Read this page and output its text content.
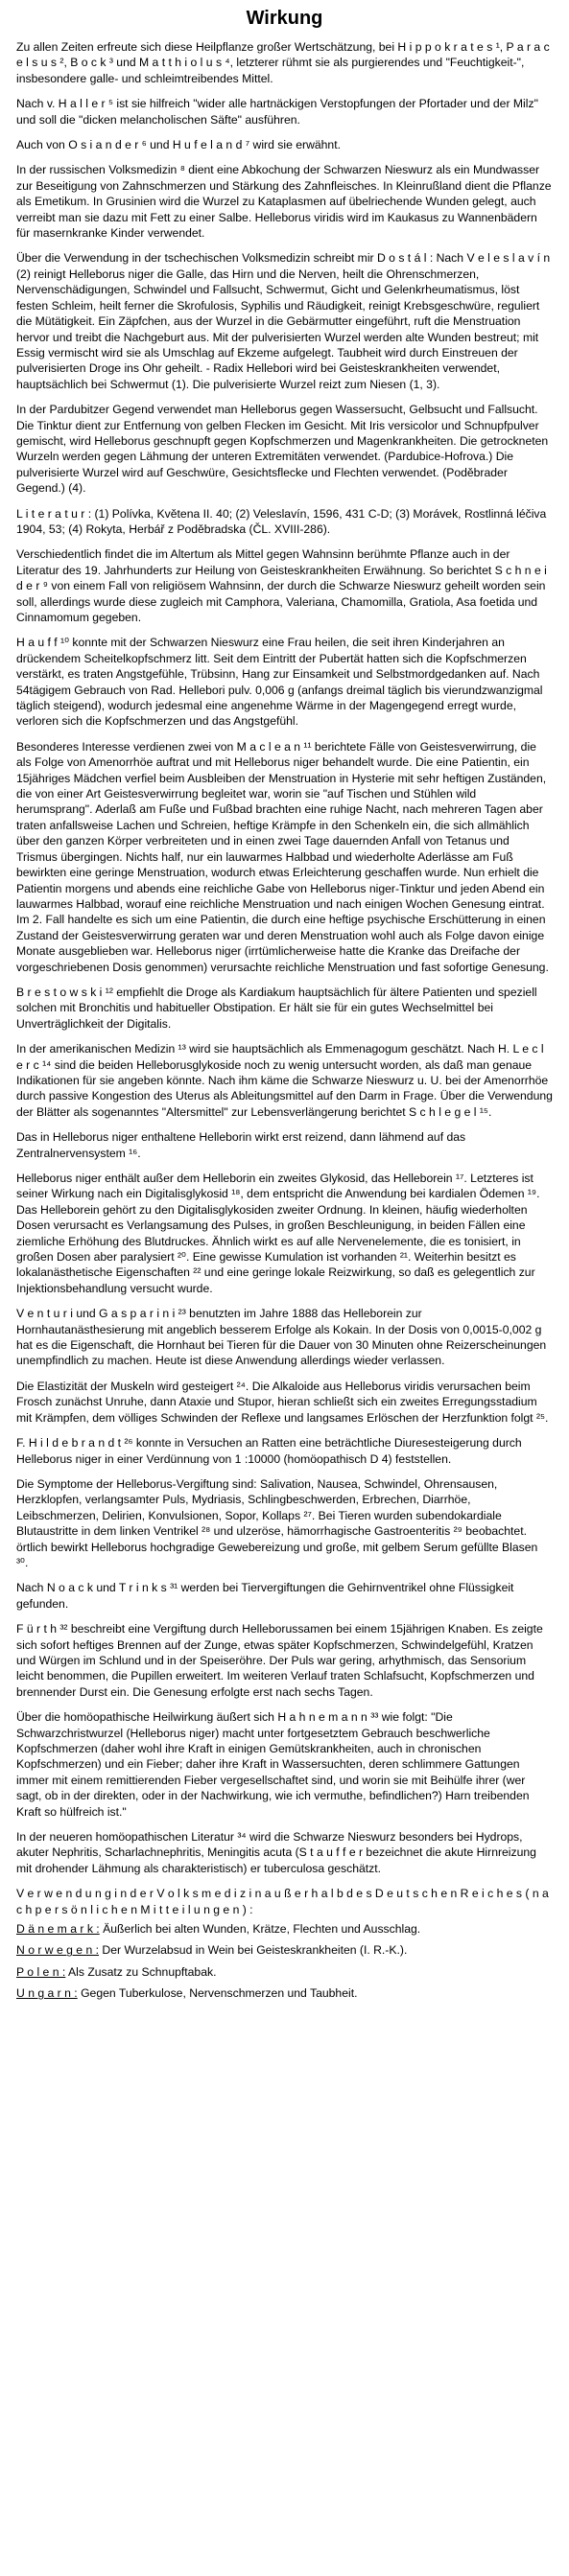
Wirkung

Zu allen Zeiten erfreute sich diese Heilpflanze großer Wertschätzung, bei H i p p o k r a t e s ¹, P a r a c e l s u s ², B o c k ³ und M a t t h i o l u s ⁴, letzterer rühmt sie als purgierendes und "Feuchtigkeit-", insbesondere galle- und schleimtreibendes Mittel.

Nach v. H a l l e r ⁵ ist sie hilfreich "wider alle hartnäckigen Verstopfungen der Pfortader und der Milz" und soll die "dicken melancholischen Säfte" ausführen.

Auch von O s i a n d e r ⁶ und H u f e l a n d ⁷ wird sie erwähnt.

In der russischen Volksmedizin ⁸ dient eine Abkochung der Schwarzen Nieswurz als ein Mundwasser zur Beseitigung von Zahnschmerzen und Stärkung des Zahnfleisches. In Kleinrußland dient die Pflanze als Emetikum. In Grusinien wird die Wurzel zu Kataplasmen auf übelriechende Wunden gelegt, auch verreibt man sie dazu mit Fett zu einer Salbe. Helleborus viridis wird im Kaukasus zu Wannenbädern für masernkranke Kinder verwendet.

Über die Verwendung in der tschechischen Volksmedizin schreibt mir D o s t á l : Nach V e l e s l a v í n (2) reinigt Helleborus niger die Galle, das Hirn und die Nerven, heilt die Ohrenschmerzen, Nervenschädigungen, Schwindel und Fallsucht, Schwermut, Gicht und Gelenkrheumatismus, löst festen Schleim, heilt ferner die Skrofulosis, Syphilis und Räudigkeit, reinigt Krebsgeschwüre, reguliert die Mütätigkeit. Ein Zäpfchen, aus der Wurzel in die Gebärmutter eingeführt, ruft die Menstruation hervor und treibt die Nachgeburt aus. Mit der pulverisierten Wurzel werden alte Wunden bestreut; mit Essig vermischt wird sie als Umschlag auf Ekzeme aufgelegt. Taubheit wird durch Einstreuen der pulverisierten Droge ins Ohr geheilt. - Radix Hellebori wird bei Geisteskrankheiten verwendet, hauptsächlich bei Schwermut (1). Die pulverisierte Wurzel reizt zum Niesen (1, 3).

In der Pardubitzer Gegend verwendet man Helleborus gegen Wassersucht, Gelbsucht und Fallsucht. Die Tinktur dient zur Entfernung von gelben Flecken im Gesicht. Mit Iris versicolor und Schnupfpulver gemischt, wird Helleborus geschnupft gegen Kopfschmerzen und Magenkrankheiten. Die getrockneten Wurzeln werden gegen Lähmung der unteren Extremitäten verwendet. (Pardubice-Hofrova.) Die pulverisierte Wurzel wird auf Geschwüre, Gesichtsflecke und Flechten verwendet. (Poděbrader Gegend.) (4).

L i t e r a t u r : (1) Polívka, Květena II. 40; (2) Veleslavín, 1596, 431 C-D; (3) Morávek, Rostlinná léčiva 1904, 53; (4) Rokyta, Herbář z Poděbradska (ČL. XVIII-286).

Verschiedentlich findet die im Altertum als Mittel gegen Wahnsinn berühmte Pflanze auch in der Literatur des 19. Jahrhunderts zur Heilung von Geisteskrankheiten Erwähnung. So berichtet S c h n e i d e r ⁹ von einem Fall von religiösem Wahnsinn, der durch die Schwarze Nieswurz geheilt worden sein soll, allerdings wurde diese zugleich mit Camphora, Valeriana, Chamomilla, Gratiola, Asa foetida und Cinnamomum gegeben.

H a u f f ¹⁰ konnte mit der Schwarzen Nieswurz eine Frau heilen, die seit ihren Kinderjahren an drückendem Scheitelkopfschmerz litt. Seit dem Eintritt der Pubertät hatten sich die Kopfschmerzen verstärkt, es traten Angstgefühle, Trübsinn, Hang zur Einsamkeit und Selbstmordgedanken auf. Nach 54tägigem Gebrauch von Rad. Hellebori pulv. 0,006 g (anfangs dreimal täglich bis vierundzwanzigmal täglich steigend), wodurch jedesmal eine angenehme Wärme in der Magengegend erregt wurde, verloren sich die Kopfschmerzen und das Angstgefühl.

Besonderes Interesse verdienen zwei von M a c l e a n ¹¹ berichtete Fälle von Geistesverwirrung, die als Folge von Amenorrhöe auftrat und mit Helleborus niger behandelt wurde. Die eine Patientin, ein 15jähriges Mädchen verfiel beim Ausbleiben der Menstruation in Hysterie mit sehr heftigen Zuständen, die von einer Art Geistesverwirrung begleitet war, worin sie "auf Tischen und Stühlen wild herumsprang". Aderlaß am Fuße und Fußbad brachten eine ruhige Nacht, nach mehreren Tagen aber traten anfallsweise Lachen und Schreien, heftige Krämpfe in den Schenkeln ein, die sich allmählich über den ganzen Körper verbreiteten und in einen zwei Tage dauernden Anfall von Tetanus und Trismus übergingen. Nichts half, nur ein lauwarmes Halbbad und wiederholte Aderlässe am Fuß bewirkten eine geringe Menstruation, wodurch etwas Erleichterung geschaffen wurde. Nun erhielt die Patientin morgens und abends eine reichliche Gabe von Helleborus niger-Tinktur und jeden Abend ein lauwarmes Halbbad, worauf eine reichliche Menstruation und nach einigen Wochen Genesung eintrat. Im 2. Fall handelte es sich um eine Patientin, die durch eine heftige psychische Erschütterung in einen Zustand der Geistesverwirrung geraten war und deren Menstruation wohl auch als Folge davon einige Monate ausgeblieben war. Helleborus niger (irrtümlicherweise hatte die Kranke das Dreifache der vorgeschriebenen Dosis genommen) verursachte reichliche Menstruation und fast sofortige Genesung.

B r e s t o w s k i ¹² empfiehlt die Droge als Kardiakum hauptsächlich für ältere Patienten und speziell solchen mit Bronchitis und habitueller Obstipation. Er hält sie für ein gutes Wechselmittel bei Unverträglichkeit der Digitalis.

In der amerikanischen Medizin ¹³ wird sie hauptsächlich als Emmenagogum geschätzt. Nach H. L e c l e r c ¹⁴ sind die beiden Helleborusglykoside noch zu wenig untersucht worden, als daß man genaue Indikationen für sie angeben könnte. Nach ihm käme die Schwarze Nieswurz u. U. bei der Amenorrhöe durch passive Kongestion des Uterus als Ableitungsmittel auf den Darm in Frage. Über die Verwendung der Blätter als sogenanntes "Altersmittel" zur Lebensverlängerung berichtet S c h l e g e l ¹⁵.

Das in Helleborus niger enthaltene Helleborin wirkt erst reizend, dann lähmend auf das Zentralnervensystem ¹⁶.

Helleborus niger enthält außer dem Helleborin ein zweites Glykosid, das Helleborein ¹⁷. Letzteres ist seiner Wirkung nach ein Digitalisglykosid ¹⁸, dem entspricht die Anwendung bei kardialen Ödemen ¹⁹. Das Helleborein gehört zu den Digitalisglykosiden zweiter Ordnung. In kleinen, häufig wiederholten Dosen verursacht es Verlangsamung des Pulses, in großen Beschleunigung, in beiden Fällen eine ziemliche Erhöhung des Blutdruckes. Ähnlich wirkt es auf alle Nervenelemente, die es tonisiert, in großen Dosen aber paralysiert ²⁰. Eine gewisse Kumulation ist vorhanden ²¹. Weiterhin besitzt es lokalanästhetische Eigenschaften ²² und eine geringe lokale Reizwirkung, so daß es gelegentlich zur Injektionsbehandlung versucht wurde.

V e n t u r i und G a s p a r i n i ²³ benutzten im Jahre 1888 das Helleborein zur Hornhautanästhesierung mit angeblich besserem Erfolge als Kokain. In der Dosis von 0,0015-0,002 g hat es die Eigenschaft, die Hornhaut bei Tieren für die Dauer von 30 Minuten ohne Reizerscheinungen unempfindlich zu machen. Heute ist diese Anwendung allerdings wieder verlassen.

Die Elastizität der Muskeln wird gesteigert ²⁴. Die Alkaloide aus Helleborus viridis verursachen beim Frosch zunächst Unruhe, dann Ataxie und Stupor, hieran schließt sich ein zweites Erregungsstadium mit Krämpfen, dem völliges Schwinden der Reflexe und langsames Erlöschen der Herzfunktion folgt ²⁵.

F. H i l d e b r a n d t ²⁶ konnte in Versuchen an Ratten eine beträchtliche Diuresesteigerung durch Helleborus niger in einer Verdünnung von 1 :10000 (homöopathisch D 4) feststellen.

Die Symptome der Helleborus-Vergiftung sind: Salivation, Nausea, Schwindel, Ohrensausen, Herzklopfen, verlangsamter Puls, Mydriasis, Schlingbeschwerden, Erbrechen, Diarrhöe, Leibschmerzen, Delirien, Konvulsionen, Sopor, Kollaps ²⁷. Bei Tieren wurden subendokardiale Blutaustritte in dem linken Ventrikel ²⁸ und ulzeröse, hämorrhagische Gastroenteritis ²⁹ beobachtet. örtlich bewirkt Helleborus hochgradige Gewebereizung und große, mit gelbem Serum gefüllte Blasen ³⁰.

Nach N o a c k und T r i n k s ³¹ werden bei Tiervergiftungen die Gehirnventrikel ohne Flüssigkeit gefunden.

F ü r t h ³² beschreibt eine Vergiftung durch Helleborussamen bei einem 15jährigen Knaben. Es zeigte sich sofort heftiges Brennen auf der Zunge, etwas später Kopfschmerzen, Schwindelgefühl, Kratzen und Würgen im Schlund und in der Speiseröhre. Der Puls war gering, arhythmisch, das Sensorium leicht benommen, die Pupillen erweitert. Im weiteren Verlauf traten Schlafsucht, Kopfschmerzen und brennender Durst ein. Die Genesung erfolgte erst nach sechs Tagen.

Über die homöopathische Heilwirkung äußert sich H a h n e m a n n ³³ wie folgt: "Die Schwarzchristwurzel (Helleborus niger) macht unter fortgesetztem Gebrauch beschwerliche Kopfschmerzen (daher wohl ihre Kraft in einigen Gemütskrankheiten, auch in chronischen Kopfschmerzen) und ein Fieber; daher ihre Kraft in Wassersuchten, deren schlimmere Gattungen immer mit einem remittierenden Fieber vergesellschaftet sind, und worin sie mit Beihülfe ihrer (wer sagt, ob in der direkten, oder in der Nachwirkung, wie ich vermuthe, befindlichen?) Harn treibenden Kraft so hülfreich ist."

In der neueren homöopathischen Literatur ³⁴ wird die Schwarze Nieswurz besonders bei Hydrops, akuter Nephritis, Scharlachnephritis, Meningitis acuta (S t a u f f e r bezeichnet die akute Hirnreizung mit drohender Lähmung als charakteristisch) er tuberculosa geschätzt.

V e r w e n d u n g i n d e r V o l k s m e d i z i n a u ß e r h a l b d e s D e u t s c h e n R e i c h e s ( n a c h p e r s ö n l i c h e n M i t t e i l u n g e n ) :

D ä n e m a r k : Äußerlich bei alten Wunden, Krätze, Flechten und Ausschlag.

N o r w e g e n : Der Wurzelabsud in Wein bei Geisteskrankheiten (I. R.-K.).

P o l e n : Als Zusatz zu Schnupftabak.

U n g a r n : Gegen Tuberkulose, Nervenschmerzen und Taubheit.
